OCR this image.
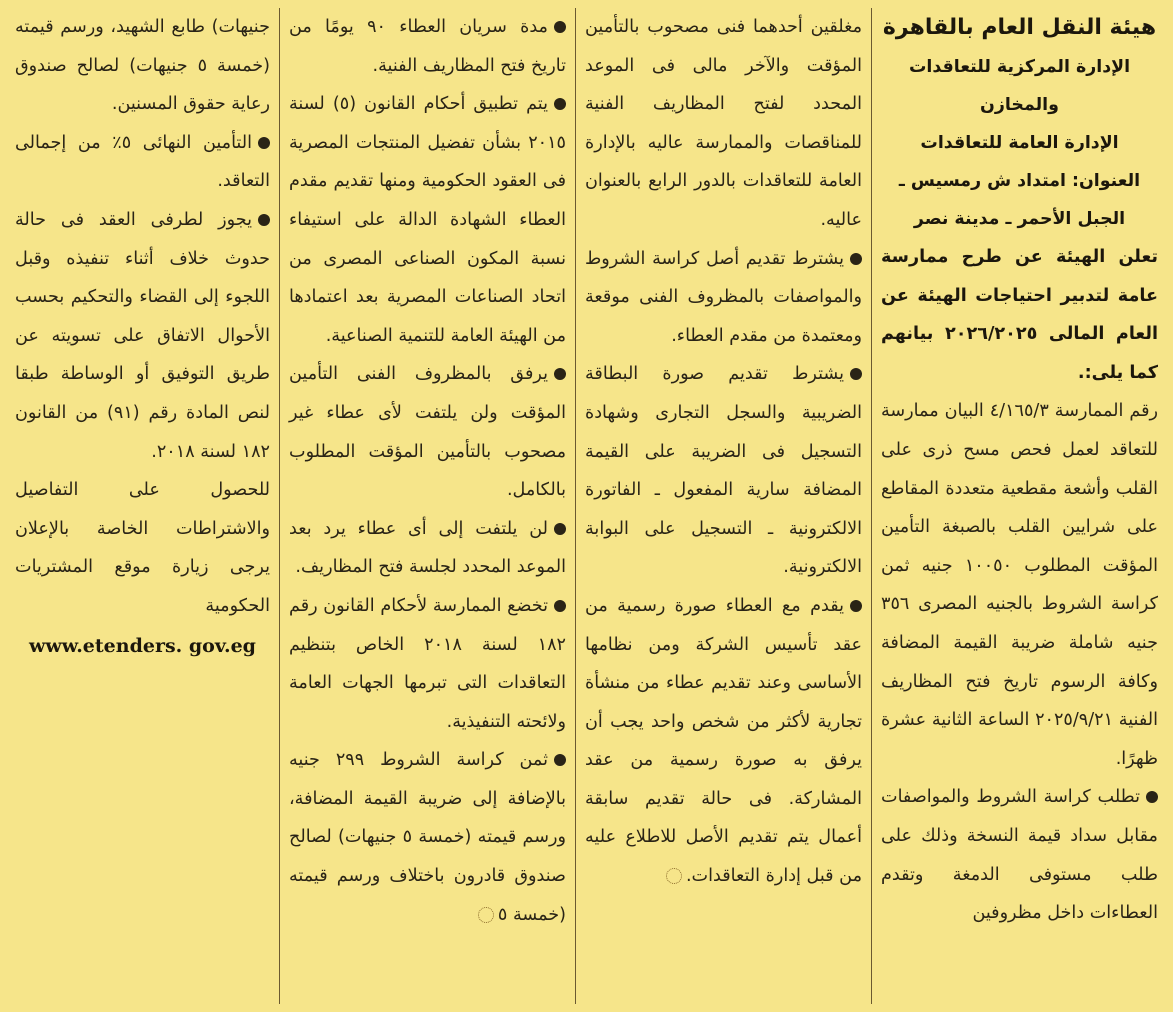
هيئة النقل العام بالقاهرة

الإدارة المركزية للتعاقدات والمخازن

الإدارة العامة للتعاقدات

العنوان: امتداد ش رمسيس ـ الجبل الأحمر ـ مدينة نصر

تعلن الهيئة عن طرح ممارسة عامة لتدبير احتياجات الهيئة عن العام المالى ٢٠٢٦/٢٠٢٥ بيانهم كما يلى:.

رقم الممارسة ٤/١٦٥/٣ البيان ممارسة للتعاقد لعمل فحص مسح ذرى على القلب وأشعة مقطعية متعددة المقاطع على شرايين القلب بالصبغة التأمين المؤقت المطلوب ١٠٠٥٠ جنيه ثمن كراسة الشروط بالجنيه المصرى ٣٥٦ جنيه شاملة ضريبة القيمة المضافة وكافة الرسوم تاريخ فتح المظاريف الفنية ٢٠٢٥/٩/٢١ الساعة الثانية عشرة ظهرًا.

تطلب كراسة الشروط والمواصفات مقابل سداد قيمة النسخة وذلك على طلب مستوفى الدمغة وتقدم العطاءات داخل مظروفين

مغلقين أحدهما فنى مصحوب بالتأمين المؤقت والآخر مالى فى الموعد المحدد لفتح المظاريف الفنية للمناقصات والممارسة عاليه بالإدارة العامة للتعاقدات بالدور الرابع بالعنوان عاليه.

يشترط تقديم أصل كراسة الشروط والمواصفات بالمظروف الفنى موقعة ومعتمدة من مقدم العطاء.

يشترط تقديم صورة البطاقة الضريبية والسجل التجارى وشهادة التسجيل فى الضريبة على القيمة المضافة سارية المفعول ـ الفاتورة الالكترونية ـ التسجيل على البوابة الالكترونية.

يقدم مع العطاء صورة رسمية من عقد تأسيس الشركة ومن نظامها الأساسى وعند تقديم عطاء من منشأة تجارية لأكثر من شخص واحد يجب أن يرفق به صورة رسمية من عقد المشاركة. فى حالة تقديم سابقة أعمال يتم تقديم الأصل للاطلاع عليه من قبل إدارة التعاقدات.

مدة سريان العطاء ٩٠ يومًا من تاريخ فتح المظاريف الفنية.

يتم تطبيق أحكام القانون (٥) لسنة ٢٠١٥ بشأن تفضيل المنتجات المصرية فى العقود الحكومية ومنها تقديم مقدم العطاء الشهادة الدالة على استيفاء نسبة المكون الصناعى المصرى من اتحاد الصناعات المصرية بعد اعتمادها من الهيئة العامة للتنمية الصناعية.

يرفق بالمظروف الفنى التأمين المؤقت ولن يلتفت لأى عطاء غير مصحوب بالتأمين المؤقت المطلوب بالكامل.

لن يلتفت إلى أى عطاء يرد بعد الموعد المحدد لجلسة فتح المظاريف.

تخضع الممارسة لأحكام القانون رقم ١٨٢ لسنة ٢٠١٨ الخاص بتنظيم التعاقدات التى تبرمها الجهات العامة ولائحته التنفيذية.

ثمن كراسة الشروط ٢٩٩ جنيه بالإضافة إلى ضريبة القيمة المضافة، ورسم قيمته (خمسة ٥ جنيهات) لصالح صندوق قادرون باختلاف ورسم قيمته (خمسة ٥

جنيهات) طابع الشهيد، ورسم قيمته (خمسة ٥ جنيهات) لصالح صندوق رعاية حقوق المسنين.

التأمين النهائى ٥٪ من إجمالى التعاقد.

يجوز لطرفى العقد فى حالة حدوث خلاف أثناء تنفيذه وقبل اللجوء إلى القضاء والتحكيم بحسب الأحوال الاتفاق على تسويته عن طريق التوفيق أو الوساطة طبقا لنص المادة رقم (٩١) من القانون ١٨٢ لسنة ٢٠١٨.

للحصول على التفاصيل والاشتراطات الخاصة بالإعلان يرجى زيارة موقع المشتريات الحكومية

www.etenders. gov.eg
